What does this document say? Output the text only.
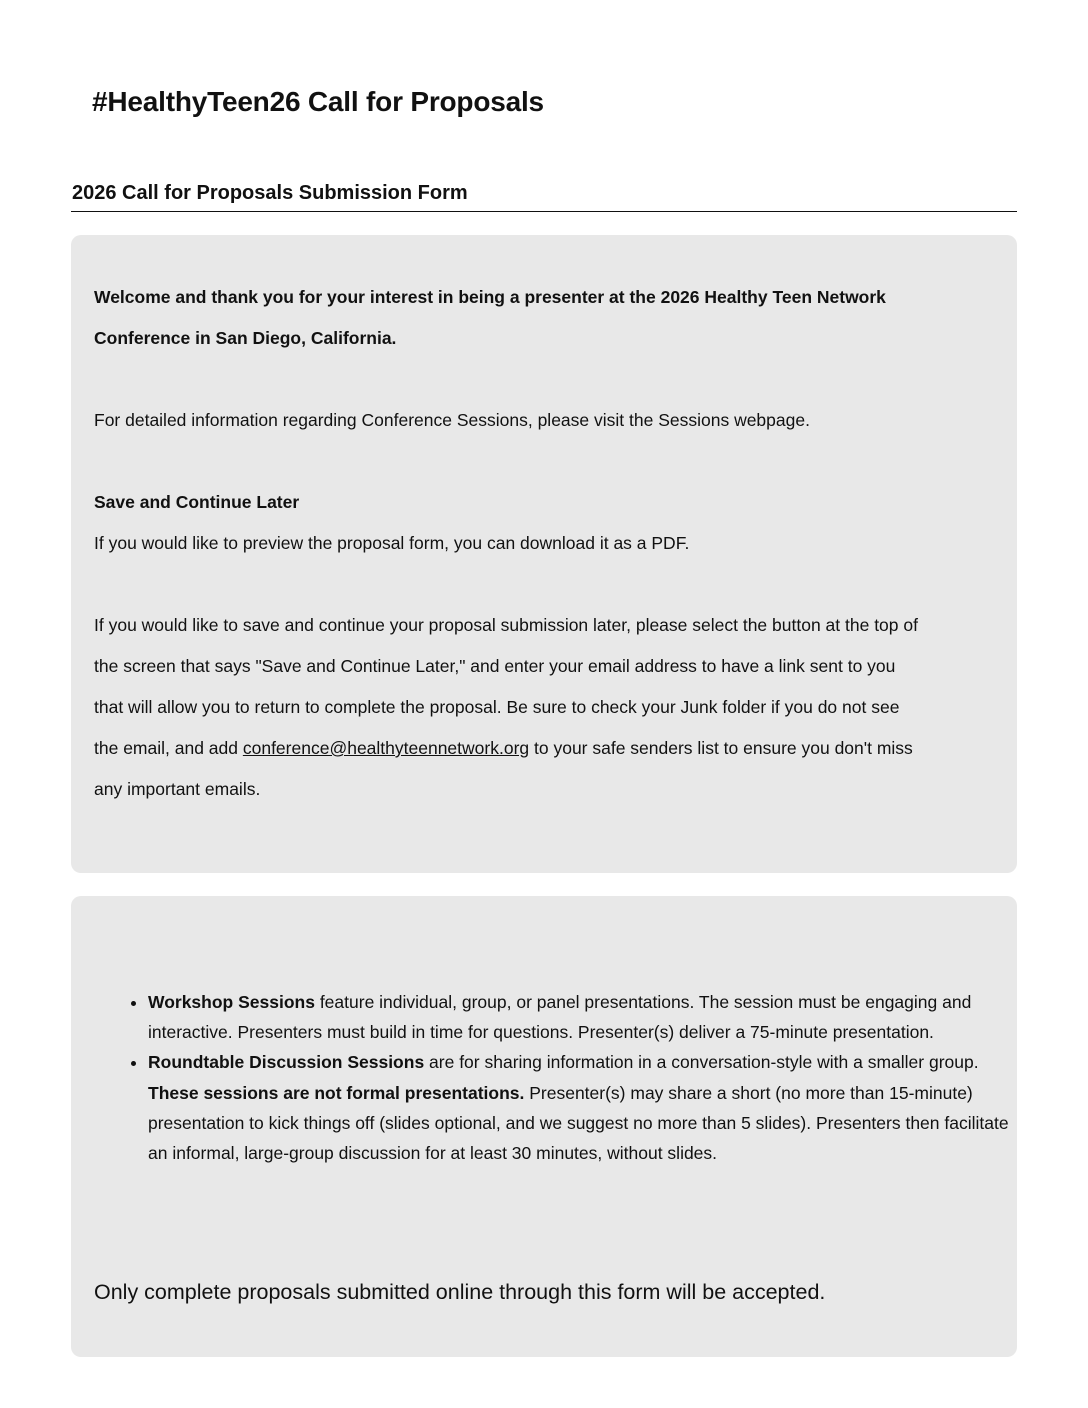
#HealthyTeen26 Call for Proposals
2026 Call for Proposals Submission Form

Welcome and thank you for your interest in being a presenter at the 2026 Healthy Teen Network
Conference in San Diego, California.

For detailed information regarding Conference Sessions, please visit the Sessions webpage.

Save and Continue Later

If you would like to preview the proposal form, you can download it as a PDF.

If you would like to save and continue your proposal submission later, please select the button at the top of
the screen that says "Save and Continue Later," and enter your email address to have a link sent to you
that will allow you to return to complete the proposal. Be sure to check your Junk folder if you do not see
the email, and add conference@healthyteennetwork.org to your safe senders list to ensure you don't miss
any important emails.

• Workshop Sessions feature individual, group, or panel presentations. The session must be engaging and interactive. Presenters must build in time for questions. Presenter(s) deliver a 75-minute presentation.
• Roundtable Discussion Sessions are for sharing information in a conversation-style with a smaller group. These sessions are not formal presentations. Presenter(s) may share a short (no more than 15-minute) presentation to kick things off (slides optional, and we suggest no more than 5 slides). Presenters then facilitate an informal, large-group discussion for at least 30 minutes, without slides.

Only complete proposals submitted online through this form will be accepted.
